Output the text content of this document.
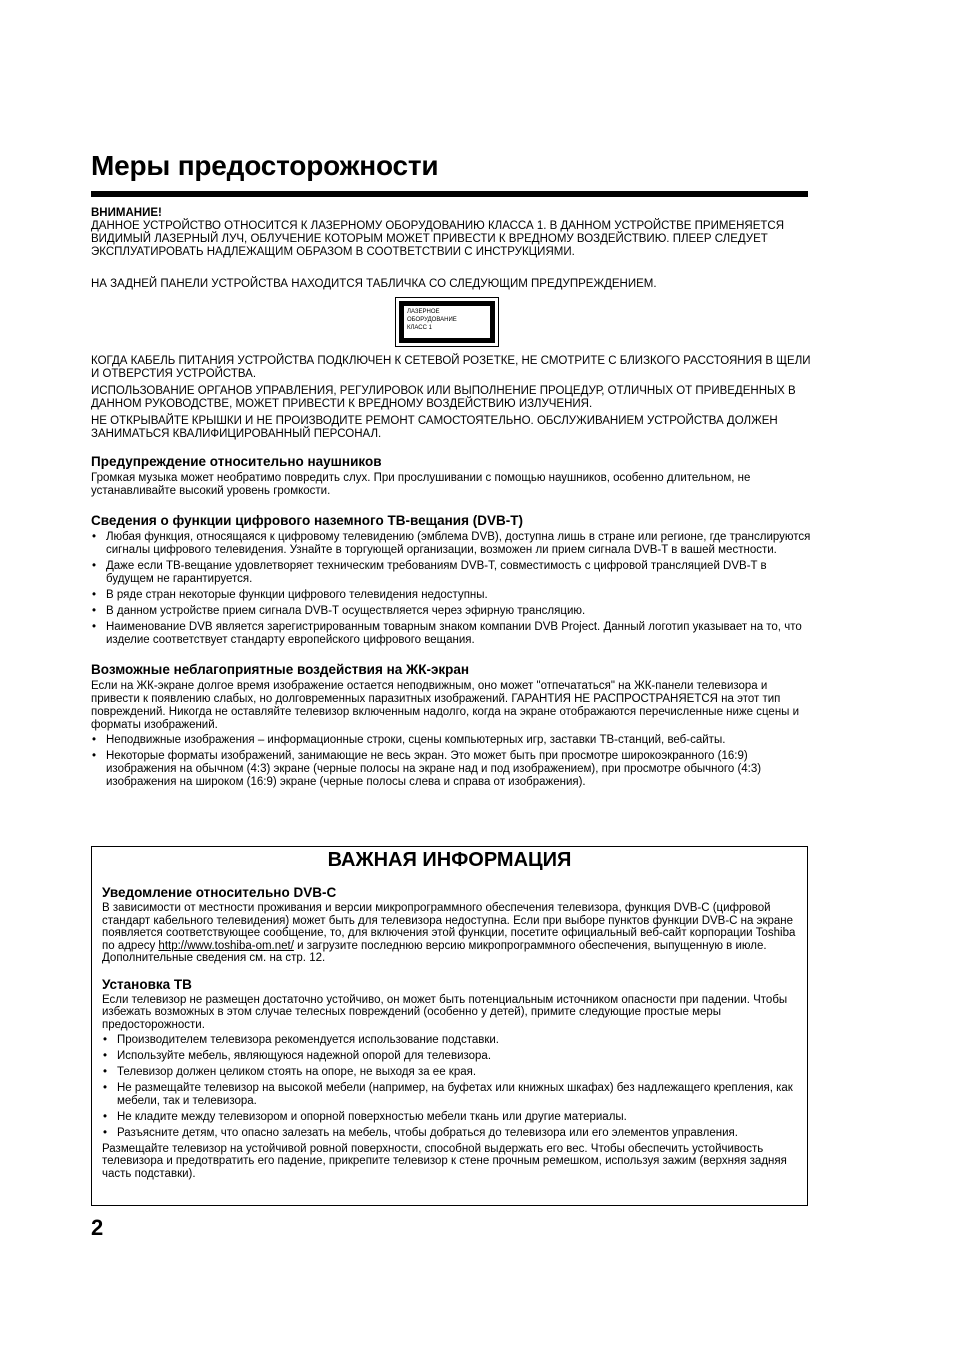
Меры предосторожности

ВНИМАНИЕ!

ДАННОЕ УСТРОЙСТВО ОТНОСИТСЯ К ЛАЗЕРНОМУ ОБОРУДОВАНИЮ КЛАССА 1. В ДАННОМ УСТРОЙСТВЕ ПРИМЕНЯЕТСЯ ВИДИМЫЙ ЛАЗЕРНЫЙ ЛУЧ, ОБЛУЧЕНИЕ КОТОРЫМ МОЖЕТ ПРИВЕСТИ К ВРЕДНОМУ ВОЗДЕЙСТВИЮ. ПЛЕЕР СЛЕДУЕТ ЭКСПЛУАТИРОВАТЬ НАДЛЕЖАЩИМ ОБРАЗОМ В СООТВЕТСТВИИ С ИНСТРУКЦИЯМИ.

НА ЗАДНЕЙ ПАНЕЛИ УСТРОЙСТВА НАХОДИТСЯ ТАБЛИЧКА СО СЛЕДУЮЩИМ ПРЕДУПРЕЖДЕНИЕМ.

ЛАЗЕРНОЕ
ОБОРУДОВАНИЕ
КЛАСС 1

КОГДА КАБЕЛЬ ПИТАНИЯ УСТРОЙСТВА ПОДКЛЮЧЕН К СЕТЕВОЙ РОЗЕТКЕ, НЕ СМОТРИТЕ С БЛИЗКОГО РАССТОЯНИЯ В ЩЕЛИ И ОТВЕРСТИЯ УСТРОЙСТВА.

ИСПОЛЬЗОВАНИЕ ОРГАНОВ УПРАВЛЕНИЯ, РЕГУЛИРОВОК ИЛИ ВЫПОЛНЕНИЕ ПРОЦЕДУР, ОТЛИЧНЫХ ОТ ПРИВЕДЕННЫХ В ДАННОМ РУКОВОДСТВЕ, МОЖЕТ ПРИВЕСТИ К ВРЕДНОМУ ВОЗДЕЙСТВИЮ ИЗЛУЧЕНИЯ.

НЕ ОТКРЫВАЙТЕ КРЫШКИ И НЕ ПРОИЗВОДИТЕ РЕМОНТ САМОСТОЯТЕЛЬНО. ОБСЛУЖИВАНИЕМ УСТРОЙСТВА ДОЛЖЕН ЗАНИМАТЬСЯ КВАЛИФИЦИРОВАННЫЙ ПЕРСОНАЛ.

Предупреждение относительно наушников

Громкая музыка может необратимо повредить слух. При прослушивании с помощью наушников, особенно длительном, не устанавливайте высокий уровень громкости.

Сведения о функции цифрового наземного ТВ-вещания (DVB-T)
• Любая функция, относящаяся к цифровому телевидению (эмблема DVB), доступна лишь в стране или регионе, где транслируются сигналы цифрового телевидения. Узнайте в торгующей организации, возможен ли прием сигнала DVB-T в вашей местности.
• Даже если ТВ-вещание удовлетворяет техническим требованиям DVB-T, совместимость с цифровой трансляцией DVB-T в будущем не гарантируется.
• В ряде стран некоторые функции цифрового телевидения недоступны.
• В данном устройстве прием сигнала DVB-T осуществляется через эфирную трансляцию.
• Наименование DVB является зарегистрированным товарным знаком компании DVB Project. Данный логотип указывает на то, что изделие соответствует стандарту европейского цифрового вещания.
Возможные неблагоприятные воздействия на ЖК-экран

Если на ЖК-экране долгое время изображение остается неподвижным, оно может "отпечататься" на ЖК-панели телевизора и привести к появлению слабых, но долговременных паразитных изображений. ГАРАНТИЯ НЕ РАСПРОСТРАНЯЕТСЯ на этот тип повреждений. Никогда не оставляйте телевизор включенным надолго, когда на экране отображаются перечисленные ниже сцены и форматы изображений.

• Неподвижные изображения – информационные строки, сцены компьютерных игр, заставки ТВ-станций, веб-сайты.
• Некоторые форматы изображений, занимающие не весь экран. Это может быть при просмотре широкоэкранного (16:9) изображения на обычном (4:3) экране (черные полосы на экране над и под изображением), при просмотре обычного (4:3) изображения на широком (16:9) экране (черные полосы слева и справа от изображения).

ВАЖНАЯ ИНФОРМАЦИЯ

Уведомление относительно DVB-C

В зависимости от местности проживания и версии микропрограммного обеспечения телевизора, функция DVB-C (цифровой стандарт кабельного телевидения) может быть для телевизора недоступна. Если при выборе пунктов функции DVB-C на экране появляется соответствующее сообщение, то, для включения этой функции, посетите официальный веб-сайт корпорации Toshiba по адресу http://www.toshiba-om.net/ и загрузите последнюю версию микропрограммного обеспечения, выпущенную в июле. Дополнительные сведения см. на стр. 12.

Установка ТВ

Если телевизор не размещен достаточно устойчиво, он может быть потенциальным источником опасности при падении. Чтобы избежать возможных в этом случае телесных повреждений (особенно у детей), примите следующие простые меры предосторожности.

• Производителем телевизора рекомендуется использование подставки.
• Используйте мебель, являющуюся надежной опорой для телевизора.
• Телевизор должен целиком стоять на опоре, не выходя за ее края.
• Не размещайте телевизор на высокой мебели (например, на буфетах или книжных шкафах) без надлежащего крепления, как мебели, так и телевизора.
• Не кладите между телевизором и опорной поверхностью мебели ткань или другие материалы.
• Разъясните детям, что опасно залезать на мебель, чтобы добраться до телевизора или его элементов управления.

Размещайте телевизор на устойчивой ровной поверхности, способной выдержать его вес. Чтобы обеспечить устойчивость телевизора и предотвратить его падение, прикрепите телевизор к стене прочным ремешком, используя зажим (верхняя задняя часть подставки).

2
